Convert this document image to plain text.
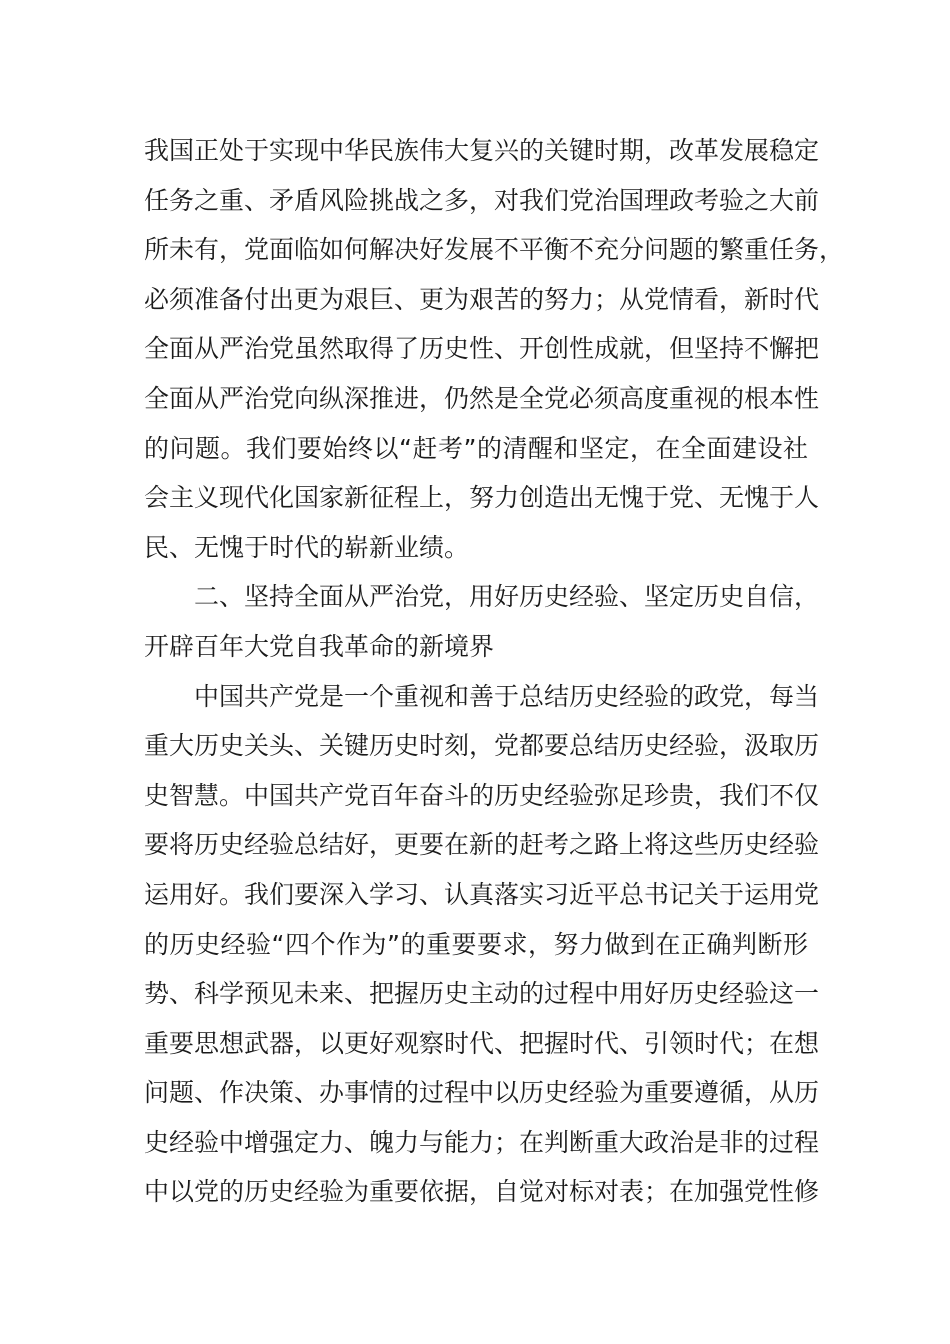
我国正处于实现中华民族伟大复兴的关键时期，改革发展稳定
任务之重、矛盾风险挑战之多，对我们党治国理政考验之大前
所未有，党面临如何解决好发展不平衡不充分问题的繁重任务，
必须准备付出更为艰巨、更为艰苦的努力；从党情看，新时代
全面从严治党虽然取得了历史性、开创性成就，但坚持不懈把
全面从严治党向纵深推进，仍然是全党必须高度重视的根本性
的问题。我们要始终以“赶考”的清醒和坚定，在全面建设社
会主义现代化国家新征程上，努力创造出无愧于党、无愧于人
民、无愧于时代的崭新业绩。
二、坚持全面从严治党，用好历史经验、坚定历史自信，
开辟百年大党自我革命的新境界
中国共产党是一个重视和善于总结历史经验的政党，每当
重大历史关头、关键历史时刻，党都要总结历史经验，汲取历
史智慧。中国共产党百年奋斗的历史经验弥足珍贵，我们不仅
要将历史经验总结好，更要在新的赶考之路上将这些历史经验
运用好。我们要深入学习、认真落实习近平总书记关于运用党
的历史经验“四个作为”的重要要求，努力做到在正确判断形
势、科学预见未来、把握历史主动的过程中用好历史经验这一
重要思想武器，以更好观察时代、把握时代、引领时代；在想
问题、作决策、办事情的过程中以历史经验为重要遵循，从历
史经验中增强定力、魄力与能力；在判断重大政治是非的过程
中以党的历史经验为重要依据，自觉对标对表；在加强党性修
